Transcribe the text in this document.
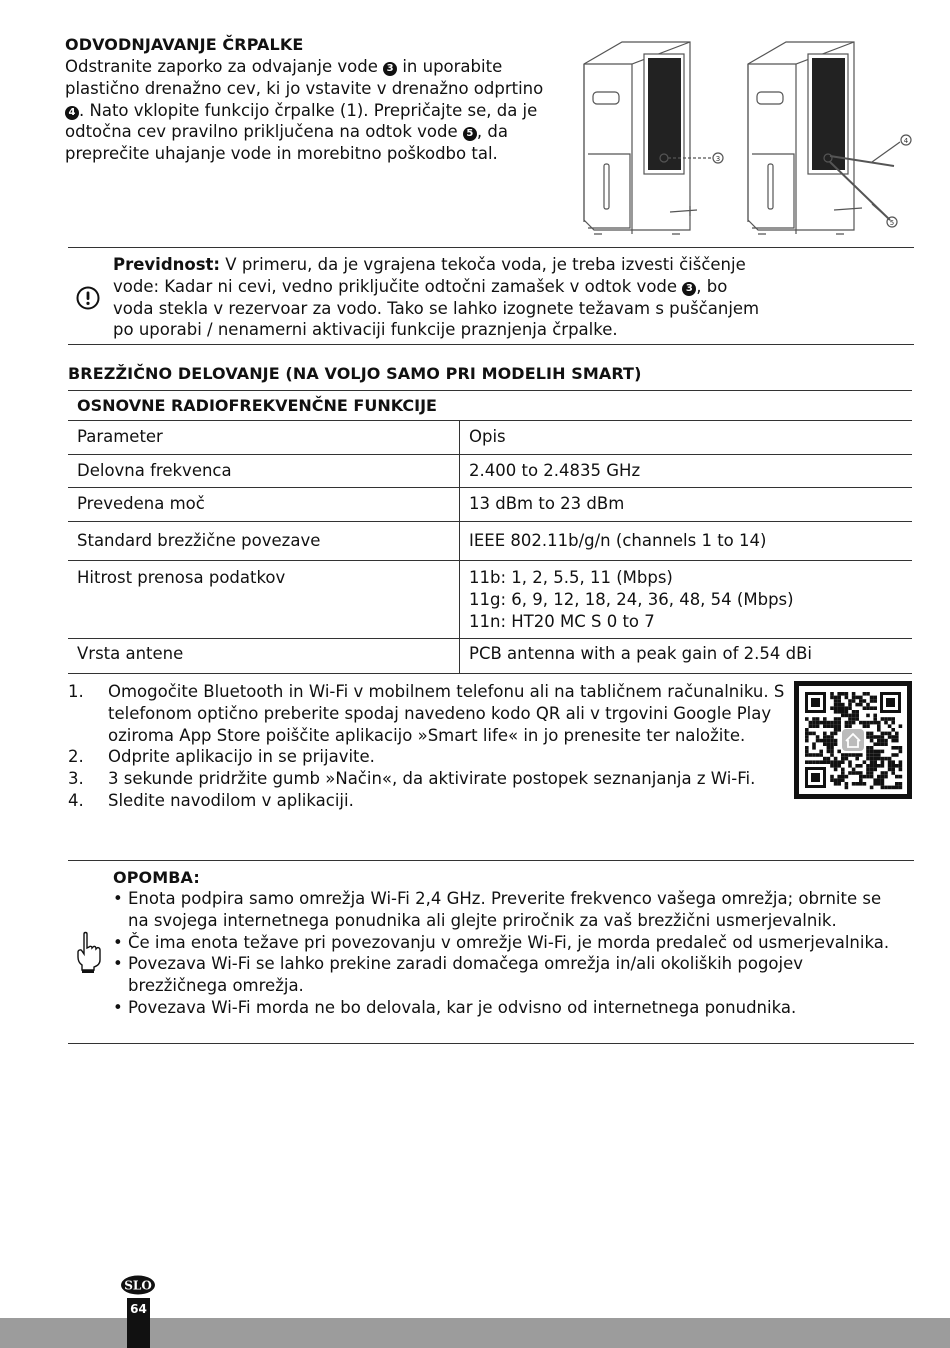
ODVODNJAVANJE ČRPALKE
Odstranite zaporko za odvajanje vode 3 in uporabite plastično drenažno cev, ki jo vstavite v drenažno odprtino 4 . Nato vklopite funkcijo črpalke (1). Prepričajte se, da je odtočna cev pravilno priključena na odtok vode 5 , da preprečite uhajanje vode in morebitno poškodbo tal.	3
4
5
Previdnost: V primeru, da je vgrajena tekoča voda, je treba izvesti čiščenje vode: Kadar ni cevi, vedno priključite odtočni zamašek v odtok vode 3 , bo voda stekla v rezervoar za vodo. Tako se lahko izognete težavam s puščanjem po uporabi / nenamerni aktivaciji funkcije praznjenja črpalke.
BREZŽIČNO DELOVANJE (NA VOLJO SAMO PRI MODELIH SMART)
OSNOVNE RADIOFREKVENČNE FUNKCIJE	
Parameter	Opis
Delovna frekvenca	2.400 to 2.4835 GHz
Prevedena moč	13 dBm to 23 dBm
Standard brezžične povezave	IEEE 802.11b/g/n (channels 1 to 14)
Hitrost prenosa podatkov	11b: 1, 2, 5.5, 11 (Mbps)
11g: 6, 9, 12, 18, 24, 36, 48, 54 (Mbps)
11n: HT20 MC S 0 to 7

Vrsta antene	PCB antenna with a peak gain of 2.54 dBi
1. Omogočite Bluetooth in Wi-Fi v mobilnem telefonu ali na tabličnem računalniku. S telefonom optično preberite spodaj navedeno kodo QR ali v trgovini Google Play oziroma App Store poiščite aplikacijo »Smart life« in jo prenesite ter naložite.
2. Odprite aplikacijo in se prijavite.
3. 3 sekunde pridržite gumb »Način«, da aktivirate postopek seznanjanja z Wi-Fi.
4. Sledite navodilom v aplikaciji.
OPOMBA:
• Enota podpira samo omrežja Wi-Fi 2,4 GHz. Preverite frekvenco vašega omrežja; obrnite se na svojega internetnega ponudnika ali glejte priročnik za vaš brezžični usmerjevalnik.
• Če ima enota težave pri povezovanju v omrežje Wi-Fi, je morda predaleč od usmerjevalnika.
• Povezava Wi-Fi se lahko prekine zaradi domačega omrežja in/ali okoliških pogojev brezžičnega omrežja.
• Povezava Wi-Fi morda ne bo delovala, kar je odvisno od internetnega ponudnika.
64
SLO
